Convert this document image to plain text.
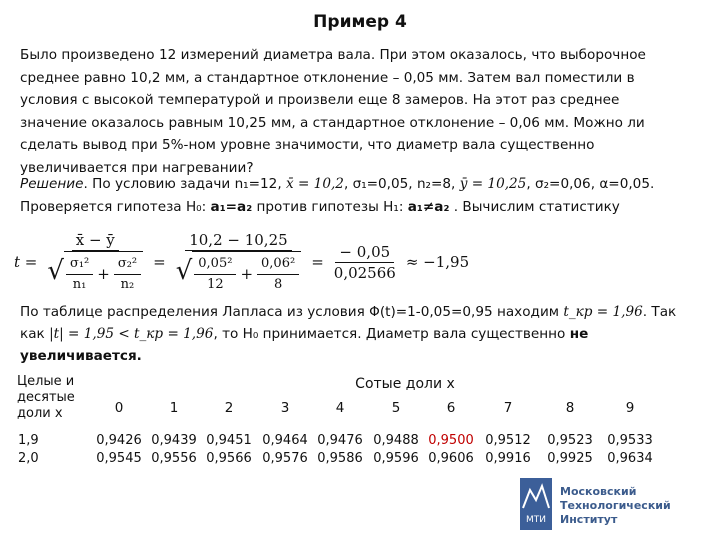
Пример 4
Было произведено 12 измерений диаметра вала. При этом оказалось, что выборочное
среднее равно 10,2 мм, а стандартное отклонение – 0,05 мм. Затем вал поместили в
условия с высокой температурой и произвели еще 8 замеров. На этот раз среднее
значение оказалось равным 10,25 мм, а стандартное отклонение – 0,06 мм. Можно ли
сделать вывод при 5%-ном уровне значимости, что диаметр вала существенно
увеличивается при нагревании?
Решение. По условию задачи n₁=12, x̄ = 10,2, σ₁=0,05, n₂=8, ȳ = 10,25, σ₂=0,06, α=0,05.
Проверяется гипотеза H₀: a₁=a₂ против гипотезы H₁: a₁≠a₂ . Вычислим статистику
$t = \frac{x̄ - ȳ}{√ \frac{\text{σ₁²}}{\text{n₁}} + \frac{\text{σ₂²}}{\text{n₂}}} = \frac{10,2 - 10,25}{√ \frac{\text{0,05²}}{12} + \frac{\text{0,06²}}{8}} = \frac{- 0,05}{0,02566} \approx -1,95$
По таблице распределения Лапласа из условия Φ(t)=1-0,05=0,95 находим t_кр = 1,96. Так
как |t| = 1,95 < t_кр = 1,96, то H₀ принимается. Диаметр вала существенно не
увеличивается.
Целые и
десятые
доли x
Сотые доли x
0	1	2	3	4	5	6	7	8	9
1,9	0,9426 0,9439 0,9451 0,9464 0,9476 0,9488 0,9500 0,9512	0,9523	0,9533
2,0	0,9545 0,9556 0,9566 0,9576 0,9586 0,9596 0,9606 0,9916	0,9925	0,9634
МТИ
Московский
Технологический
Институт
